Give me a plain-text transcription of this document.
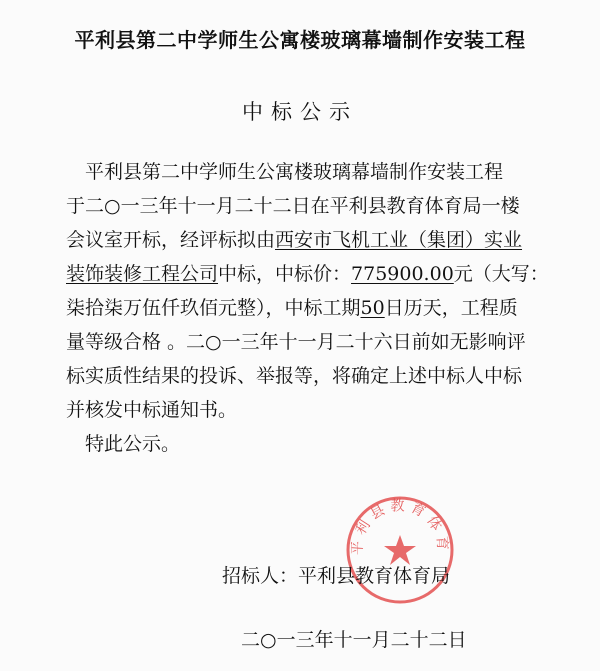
平利县第二中学师生公寓楼玻璃幕墙制作安装工程
中标公示
平利县第二中学师生公寓楼玻璃幕墙制作安装工程
于二○一三年十一月二十二日在平利县教育体育局一楼
会议室开标，经评标拟由西安市飞机工业（集团）实业
装饰装修工程公司中标，中标价：775900.00元（大写：
柒拾柒万伍仟玖佰元整），中标工期50日历天，工程质
量等级合格 。二○一三年十一月二十六日前如无影响评
标实质性结果的投诉、举报等，将确定上述中标人中标
并核发中标通知书。
特此公示。
平利县教育体育
招标人：平利县教育体育局
二○一三年十一月二十二日
